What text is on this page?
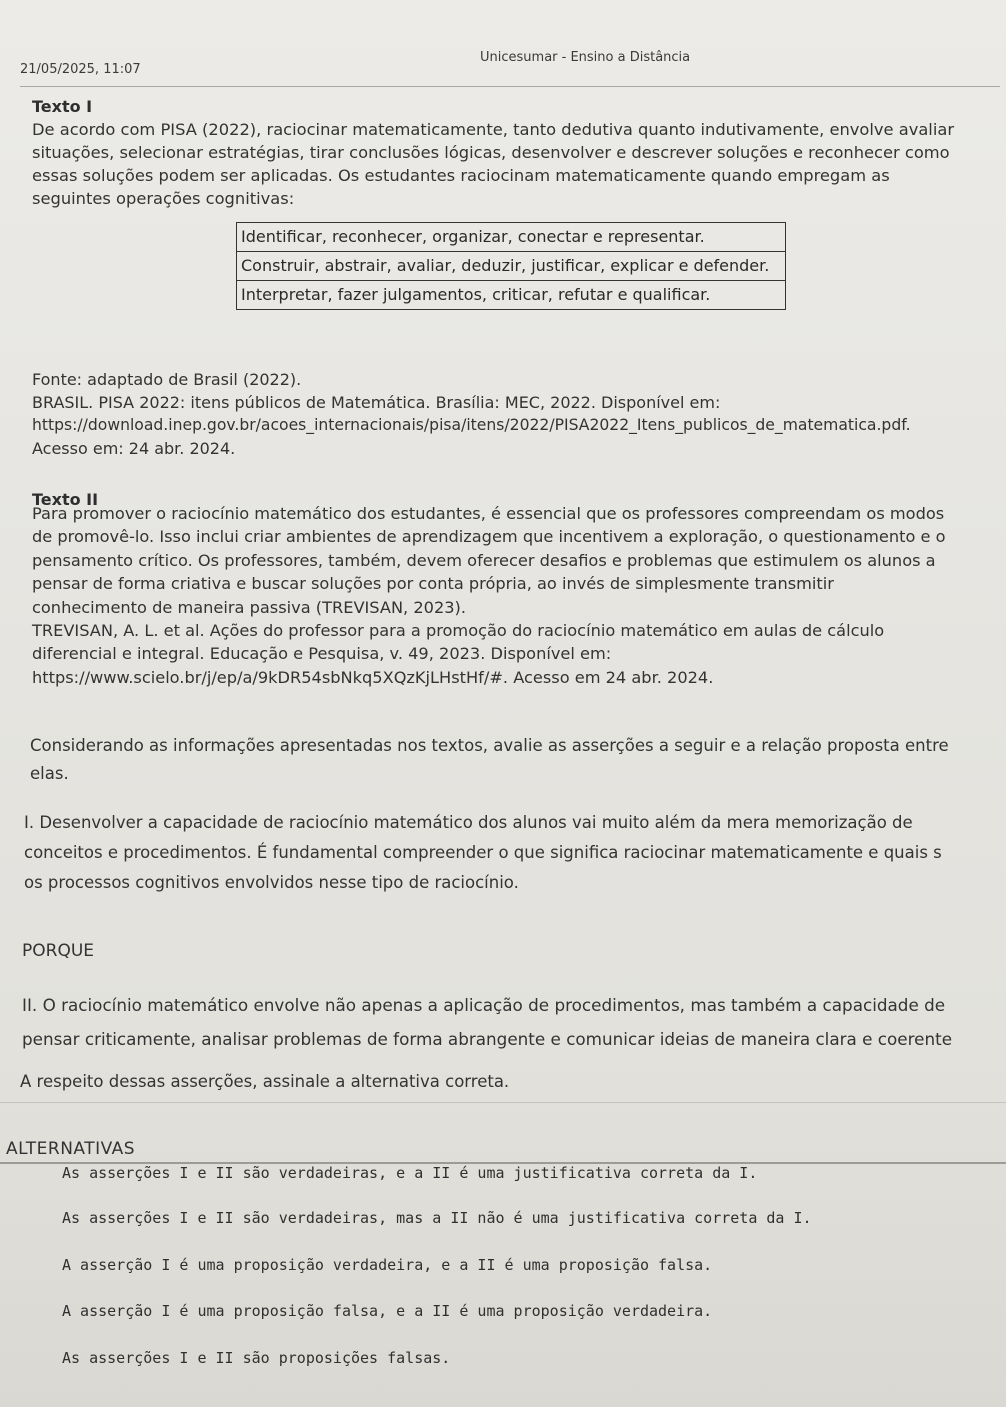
21/05/2025, 11:07
Unicesumar - Ensino a Distância
Texto I
De acordo com PISA (2022), raciocinar matematicamente, tanto dedutiva quanto indutivamente, envolve avaliar
situações, selecionar estratégias, tirar conclusões lógicas, desenvolver e descrever soluções e reconhecer como
essas soluções podem ser aplicadas. Os estudantes raciocinam matematicamente quando empregam as
seguintes operações cognitivas:
Identificar, reconhecer, organizar, conectar e representar.
Construir, abstrair, avaliar, deduzir, justificar, explicar e defender.
Interpretar, fazer julgamentos, criticar, refutar e qualificar.
Fonte: adaptado de Brasil (2022).
BRASIL. PISA 2022: itens públicos de Matemática. Brasília: MEC, 2022. Disponível em:
https://download.inep.gov.br/acoes_internacionais/pisa/itens/2022/PISA2022_Itens_publicos_de_matematica.pdf.
Acesso em: 24 abr. 2024.
Texto II
Para promover o raciocínio matemático dos estudantes, é essencial que os professores compreendam os modos
de promovê-lo. Isso inclui criar ambientes de aprendizagem que incentivem a exploração, o questionamento e o
pensamento crítico. Os professores, também, devem oferecer desafios e problemas que estimulem os alunos a
pensar de forma criativa e buscar soluções por conta própria, ao invés de simplesmente transmitir
conhecimento de maneira passiva (TREVISAN, 2023).
TREVISAN, A. L. et al. Ações do professor para a promoção do raciocínio matemático em aulas de cálculo
diferencial e integral. Educação e Pesquisa, v. 49, 2023. Disponível em:
https://www.scielo.br/j/ep/a/9kDR54sbNkq5XQzKjLHstHf/#. Acesso em 24 abr. 2024.
Considerando as informações apresentadas nos textos, avalie as asserções a seguir e a relação proposta entre
elas.
I. Desenvolver a capacidade de raciocínio matemático dos alunos vai muito além da mera memorização de
conceitos e procedimentos. É fundamental compreender o que significa raciocinar matematicamente e quais s
os processos cognitivos envolvidos nesse tipo de raciocínio.
PORQUE
II. O raciocínio matemático envolve não apenas a aplicação de procedimentos, mas também a capacidade de
pensar criticamente, analisar problemas de forma abrangente e comunicar ideias de maneira clara e coerente
A respeito dessas asserções, assinale a alternativa correta.
ALTERNATIVAS
As asserções I e II são verdadeiras, e a II é uma justificativa correta da I.
As asserções I e II são verdadeiras, mas a II não é uma justificativa correta da I.
A asserção I é uma proposição verdadeira, e a II é uma proposição falsa.
A asserção I é uma proposição falsa, e a II é uma proposição verdadeira.
As asserções I e II são proposições falsas.
